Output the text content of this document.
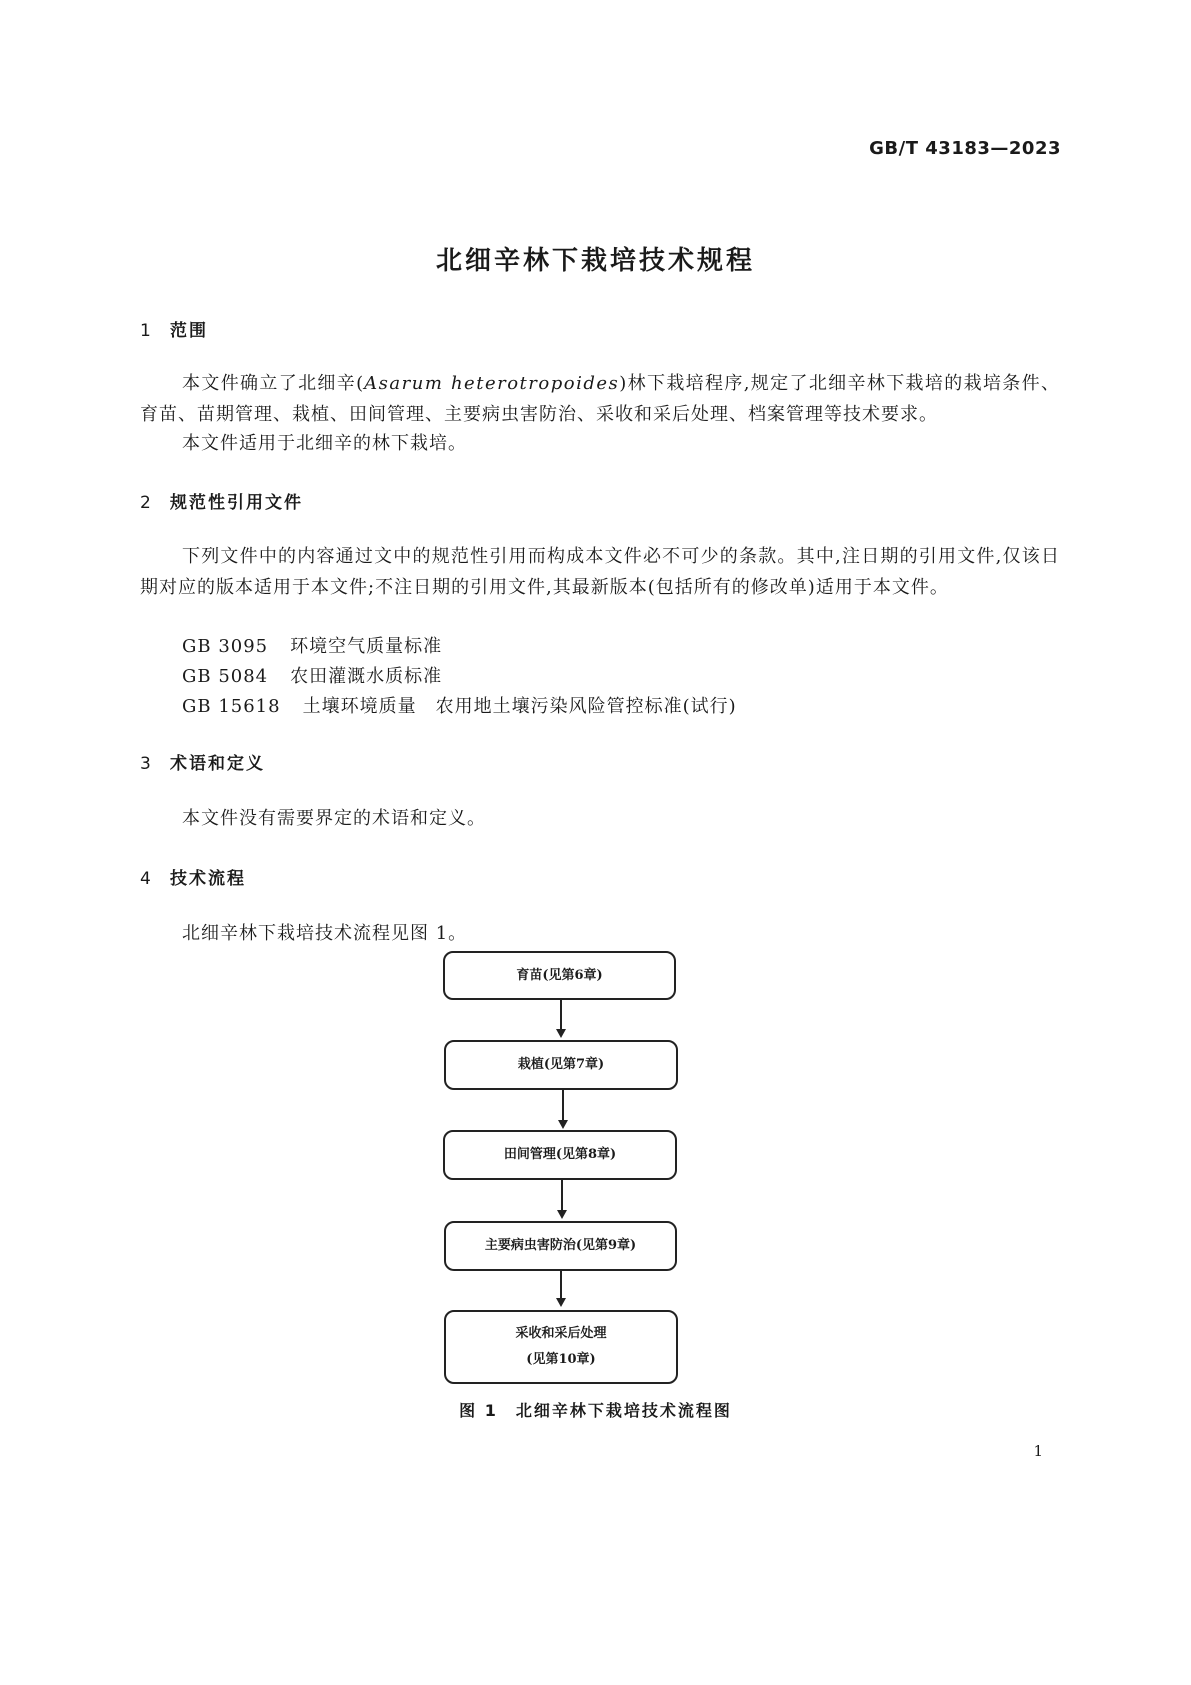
GB/T 43183—2023
北细辛林下栽培技术规程
1 范围
本文件确立了北细辛(Asarum heterotropoides)林下栽培程序,规定了北细辛林下栽培的栽培条件、育苗、苗期管理、栽植、田间管理、主要病虫害防治、采收和采后处理、档案管理等技术要求。
本文件适用于北细辛的林下栽培。
2 规范性引用文件
下列文件中的内容通过文中的规范性引用而构成本文件必不可少的条款。其中,注日期的引用文件,仅该日期对应的版本适用于本文件;不注日期的引用文件,其最新版本(包括所有的修改单)适用于本文件。
GB 3095 环境空气质量标准
GB 5084 农田灌溉水质标准
GB 15618 土壤环境质量　农用地土壤污染风险管控标准(试行)
3 术语和定义
本文件没有需要界定的术语和定义。
4 技术流程
北细辛林下栽培技术流程见图 1。
育苗(见第6章)
栽植(见第7章)
田间管理(见第8章)
主要病虫害防治(见第9章)
采收和采后处理
(见第10章)
图 1 北细辛林下栽培技术流程图
1
